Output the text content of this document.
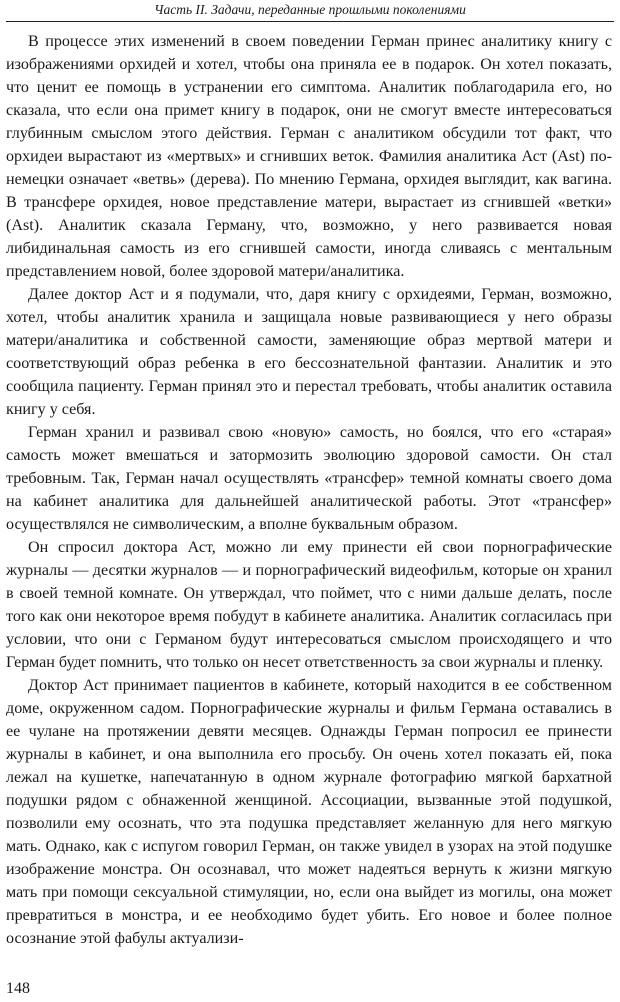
Часть II. Задачи, переданные прошлыми поколениями

В процессе этих изменений в своем поведении Герман принес аналитику книгу с изображениями орхидей и хотел, чтобы она приняла ее в подарок. Он хотел показать, что ценит ее помощь в устранении его симптома. Аналитик поблагодарила его, но сказала, что если она примет книгу в подарок, они не смогут вместе интересоваться глубинным смыслом этого действия. Герман с аналитиком обсудили тот факт, что орхидеи вырастают из «мертвых» и сгнивших веток. Фамилия аналитика Аст (Ast) по-немецки означает «ветвь» (дерева). По мнению Германа, орхидея выглядит, как вагина. В трансфере орхидея, новое представление матери, вырастает из сгнившей «ветки» (Ast). Аналитик сказала Герману, что, возможно, у него развивается новая либидинальная самость из его сгнившей самости, иногда сливаясь с ментальным представлением новой, более здоровой матери/аналитика.

Далее доктор Аст и я подумали, что, даря книгу с орхидеями, Герман, возможно, хотел, чтобы аналитик хранила и защищала новые развивающиеся у него образы матери/аналитика и собственной самости, заменяющие образ мертвой матери и соответствующий образ ребенка в его бессознательной фантазии. Аналитик и это сообщила пациенту. Герман принял это и перестал требовать, чтобы аналитик оставила книгу у себя.

Герман хранил и развивал свою «новую» самость, но боялся, что его «старая» самость может вмешаться и затормозить эволюцию здоровой самости. Он стал требовным. Так, Герман начал осуществлять «трансфер» темной комнаты своего дома на кабинет аналитика для дальнейшей аналитической работы. Этот «трансфер» осуществлялся не символическим, а вполне буквальным образом.

Он спросил доктора Аст, можно ли ему принести ей свои порнографические журналы — десятки журналов — и порнографический видеофильм, которые он хранил в своей темной комнате. Он утверждал, что поймет, что с ними дальше делать, после того как они некоторое время побудут в кабинете аналитика. Аналитик согласилась при условии, что они с Германом будут интересоваться смыслом происходящего и что Герман будет помнить, что только он несет ответственность за свои журналы и пленку.

Доктор Аст принимает пациентов в кабинете, который находится в ее собственном доме, окруженном садом. Порнографические журналы и фильм Германа оставались в ее чулане на протяжении девяти месяцев. Однажды Герман попросил ее принести журналы в кабинет, и она выполнила его просьбу. Он очень хотел показать ей, пока лежал на кушетке, напечатанную в одном журнале фотографию мягкой бархатной подушки рядом с обнаженной женщиной. Ассоциации, вызванные этой подушкой, позволили ему осознать, что эта подушка представляет желанную для него мягкую мать. Однако, как с испугом говорил Герман, он также увидел в узорах на этой подушке изображение монстра. Он осознавал, что может надеяться вернуть к жизни мягкую мать при помощи сексуальной стимуляции, но, если она выйдет из могилы, она может превратиться в монстра, и ее необходимо будет убить. Его новое и более полное осознание этой фабулы актуализи-

148
